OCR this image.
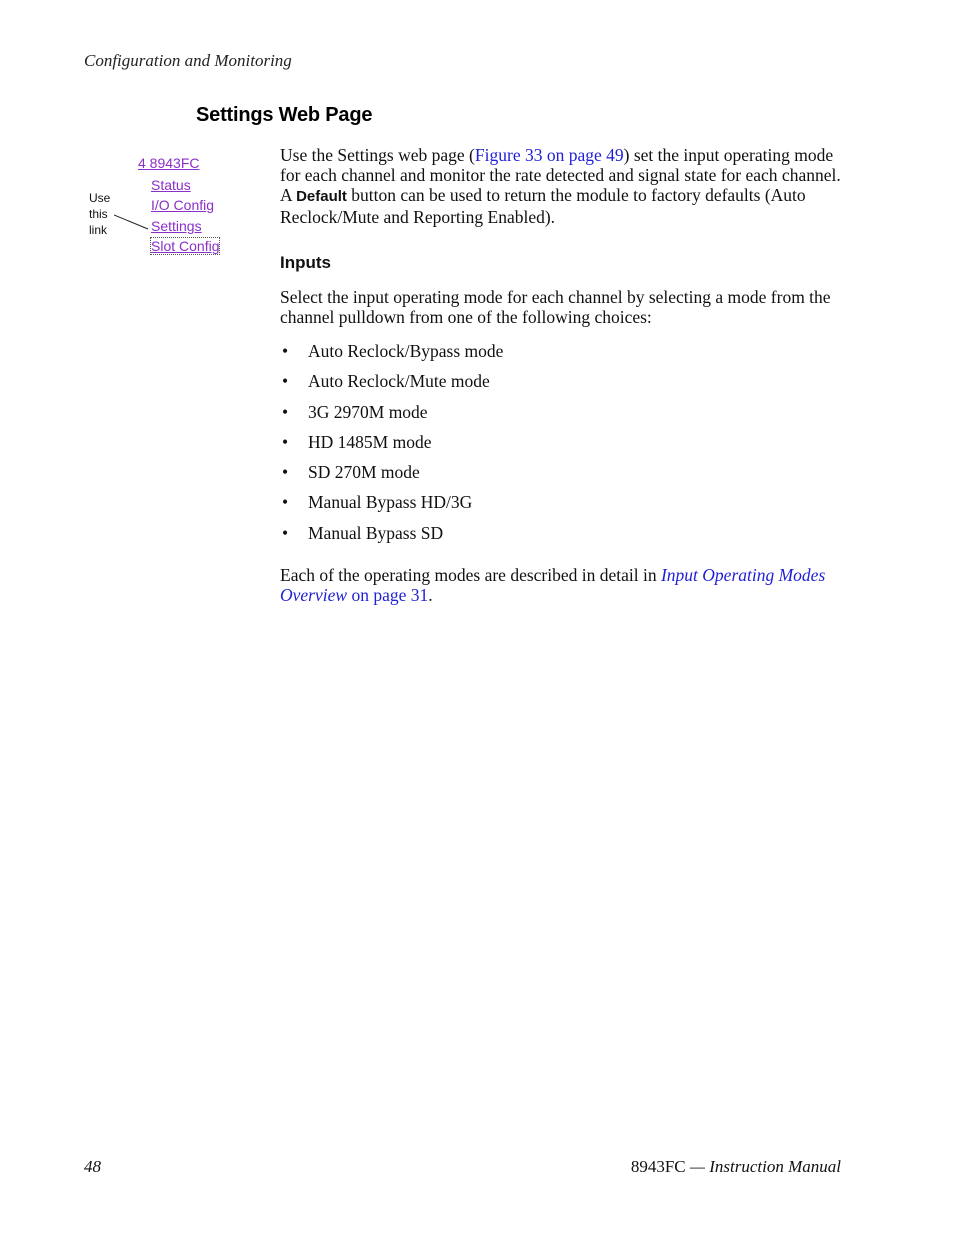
Configuration and Monitoring
Settings Web Page
4 8943FC
Status
I/O Config
Settings
Slot Config
Use
this
link

Use the Settings web page (Figure 33 on page 49) set the input operating mode for each channel and monitor the rate detected and signal state for each channel. A Default button can be used to return the module to factory defaults (Auto Reclock/Mute and Reporting Enabled).

Inputs

Select the input operating mode for each channel by selecting a mode from the channel pulldown from one of the following choices:

• Auto Reclock/Bypass mode
• Auto Reclock/Mute mode
• 3G 2970M mode
• HD 1485M mode
• SD 270M mode
• Manual Bypass HD/3G
• Manual Bypass SD

Each of the operating modes are described in detail in Input Operating Modes Overview on page 31.

48	8943FC — Instruction Manual
